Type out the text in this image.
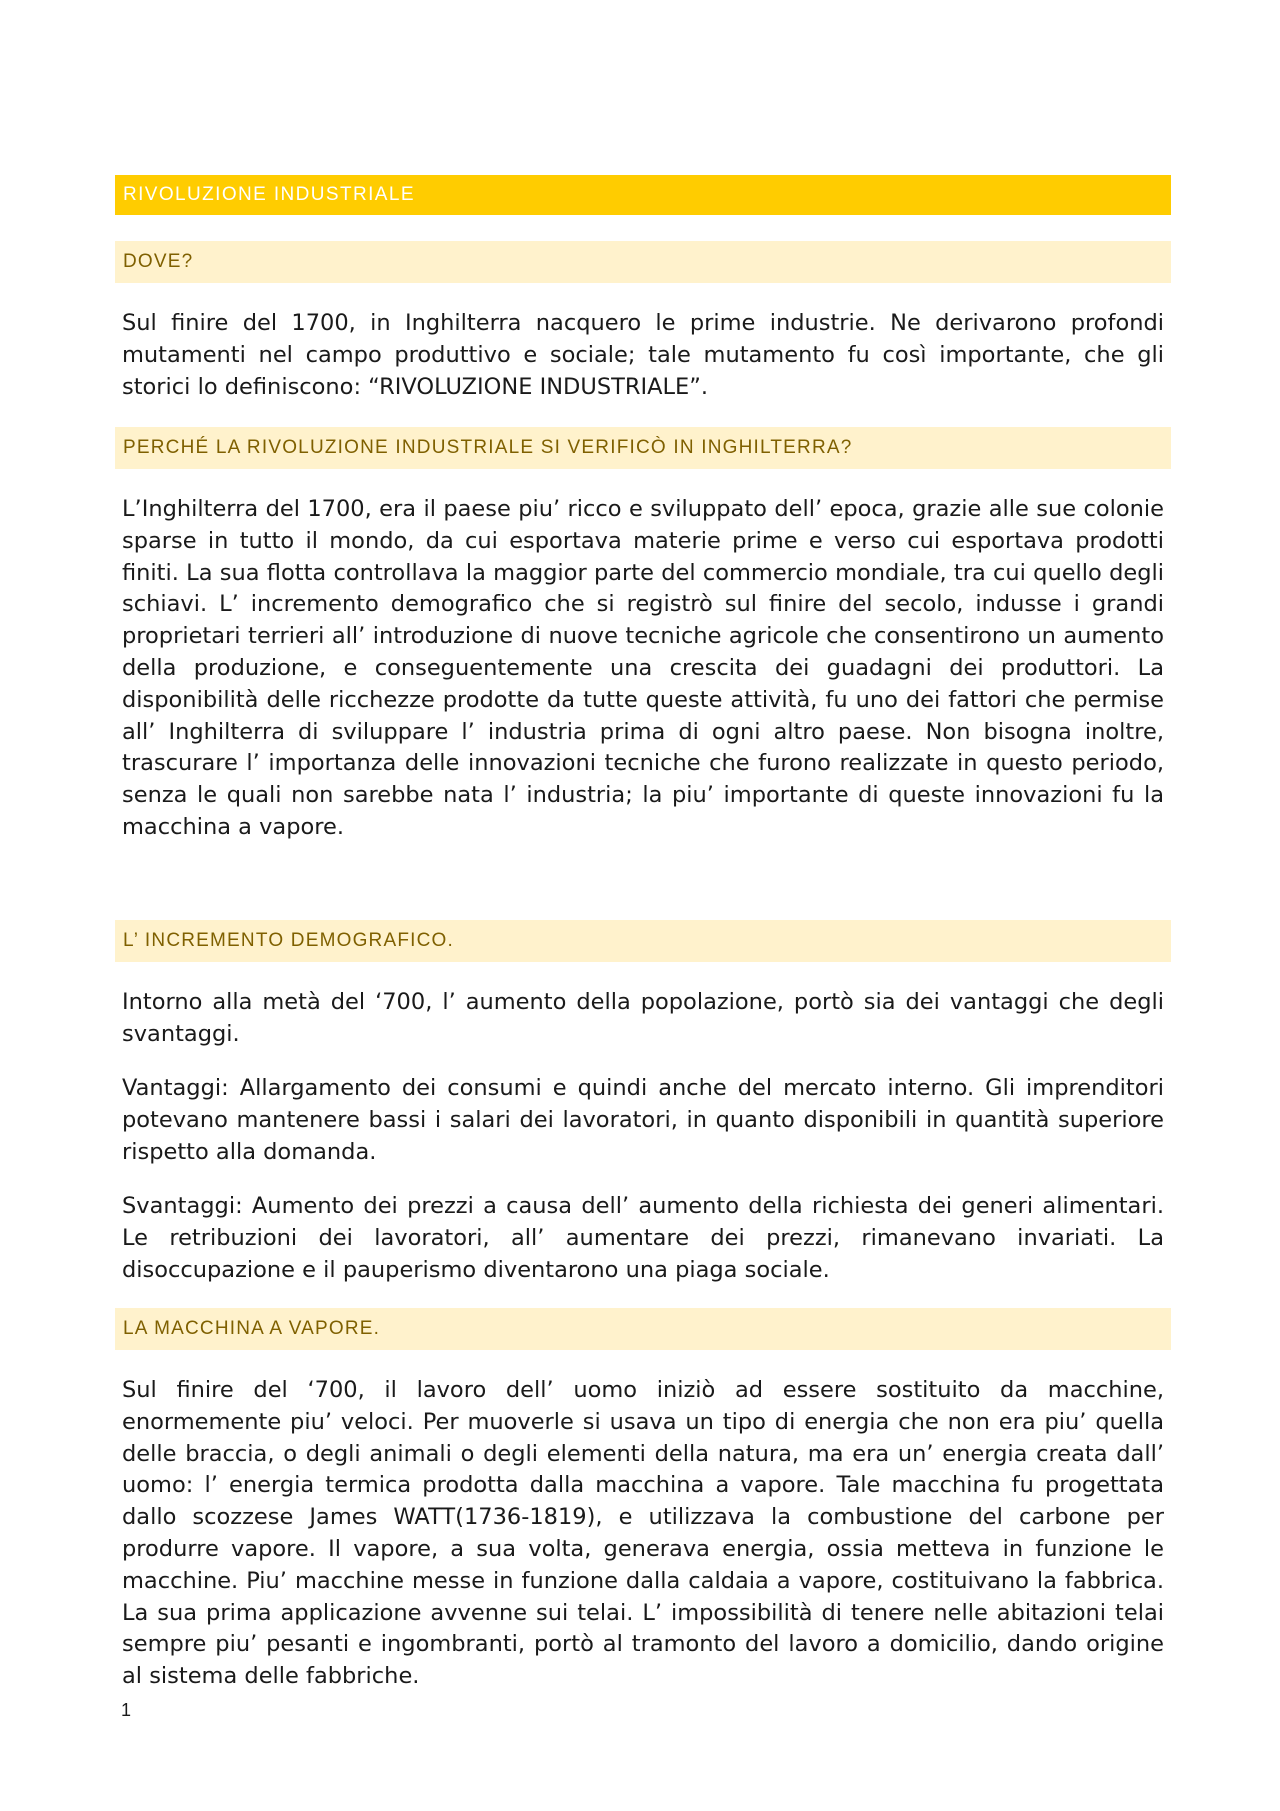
RIVOLUZIONE INDUSTRIALE
DOVE?

Sul finire del 1700, in Inghilterra nacquero le prime industrie. Ne derivarono profondi mutamenti nel campo produttivo e sociale; tale mutamento fu così importante, che gli storici lo definiscono: “RIVOLUZIONE INDUSTRIALE”.

PERCHÉ LA RIVOLUZIONE INDUSTRIALE SI VERIFICÒ IN INGHILTERRA?

L’Inghilterra del 1700, era il paese piu’ ricco e sviluppato dell’ epoca, grazie alle sue colonie sparse in tutto il mondo, da cui esportava materie prime e verso cui esportava prodotti finiti. La sua flotta controllava la maggior parte del commercio mondiale, tra cui quello degli schiavi. L’ incremento demografico che si registrò sul finire del secolo, indusse i grandi proprietari terrieri all’ introduzione di nuove tecniche agricole che consentirono un aumento della produzione, e conseguentemente una crescita dei guadagni dei produttori. La disponibilità delle ricchezze prodotte da tutte queste attività, fu uno dei fattori che permise all’ Inghilterra di sviluppare l’ industria prima di ogni altro paese. Non bisogna inoltre, trascurare l’ importanza delle innovazioni tecniche che furono realizzate in questo periodo, senza le quali non sarebbe nata l’ industria; la piu’ importante di queste innovazioni fu la macchina a vapore.

L’ INCREMENTO DEMOGRAFICO.

Intorno alla metà del ‘700, l’ aumento della popolazione, portò sia dei vantaggi che degli svantaggi.

Vantaggi: Allargamento dei consumi e quindi anche del mercato interno. Gli imprenditori potevano mantenere bassi i salari dei lavoratori, in quanto disponibili in quantità superiore rispetto alla domanda.

Svantaggi: Aumento dei prezzi a causa dell’ aumento della richiesta dei generi alimentari. Le retribuzioni dei lavoratori, all’ aumentare dei prezzi, rimanevano invariati. La disoccupazione e il pauperismo diventarono una piaga sociale.

LA MACCHINA A VAPORE.

Sul finire del ‘700, il lavoro dell’ uomo iniziò ad essere sostituito da macchine, enormemente piu’ veloci. Per muoverle si usava un tipo di energia che non era piu’ quella delle braccia, o degli animali o degli elementi della natura, ma era un’ energia creata dall’ uomo: l’ energia termica prodotta dalla macchina a vapore. Tale macchina fu progettata dallo scozzese James WATT(1736-1819), e utilizzava la combustione del carbone per produrre vapore. Il vapore, a sua volta, generava energia, ossia metteva in funzione le macchine. Piu’ macchine messe in funzione dalla caldaia a vapore, costituivano la fabbrica. La sua prima applicazione avvenne sui telai. L’ impossibilità di tenere nelle abitazioni telai sempre piu’ pesanti e ingombranti, portò al tramonto del lavoro a domicilio, dando origine al sistema delle fabbriche.

1
